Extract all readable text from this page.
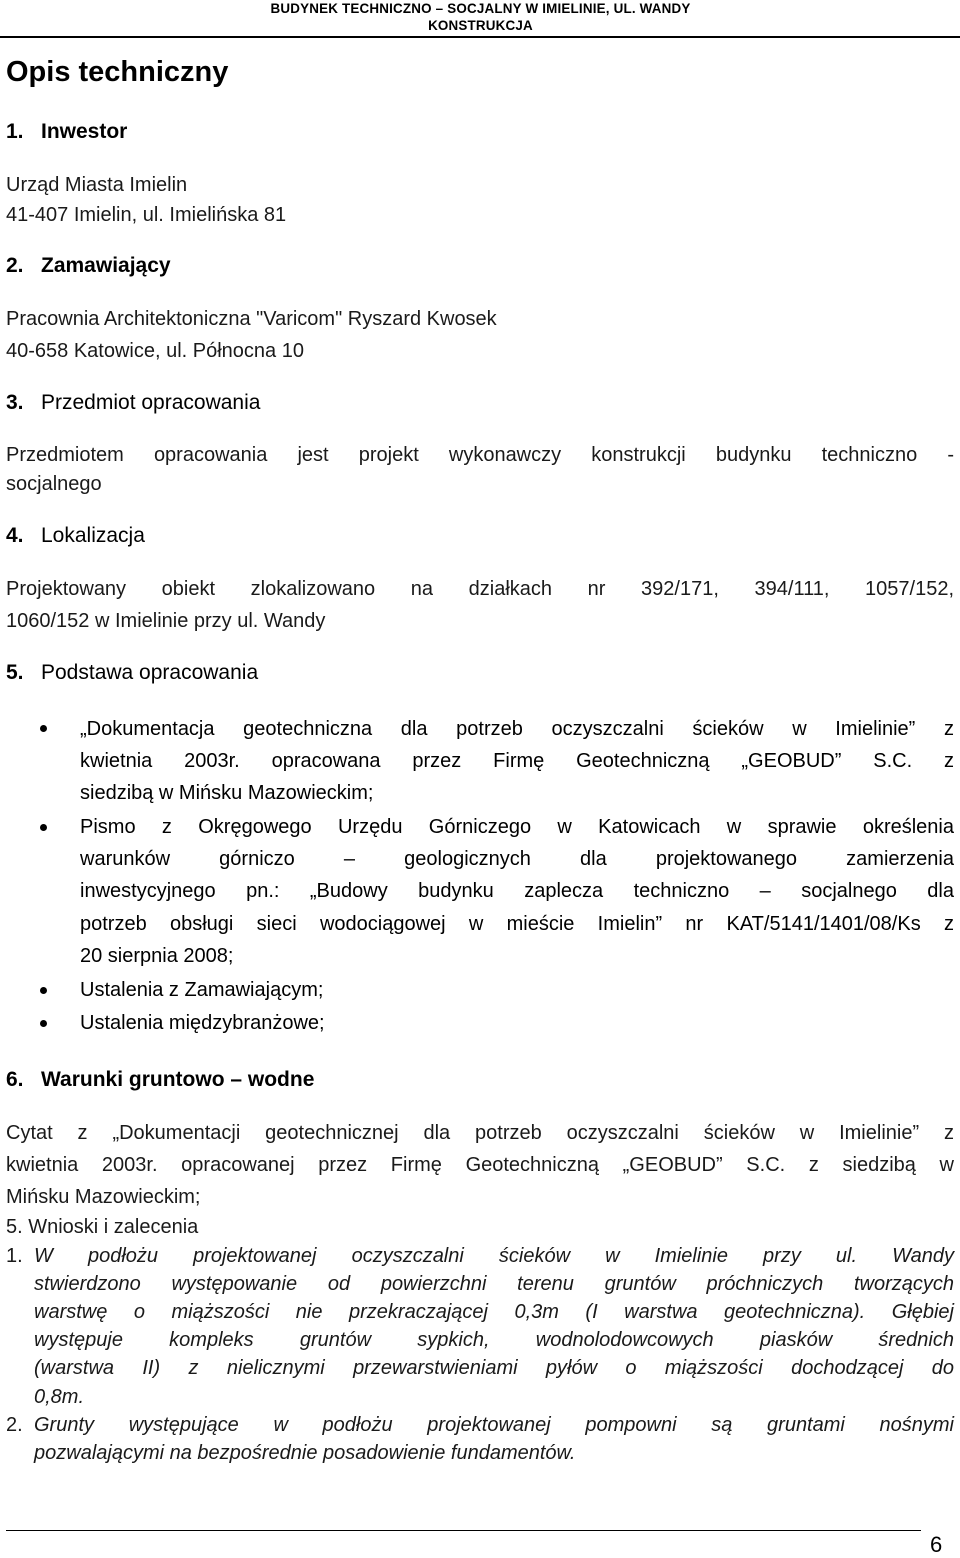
BUDYNEK TECHNICZNO – SOCJALNY W IMIELINIE, UL. WANDY
KONSTRUKCJA
Opis techniczny
1. Inwestor
Urząd Miasta Imielin
41-407 Imielin, ul. Imielińska 81
2. Zamawiający
Pracownia Architektoniczna "Varicom" Ryszard Kwosek
40-658 Katowice, ul. Północna 10
3. Przedmiot opracowania
Przedmiotem opracowania jest projekt wykonawczy konstrukcji budynku techniczno -
socjalnego
4. Lokalizacja
Projektowany obiekt zlokalizowano na działkach nr 392/171, 394/111, 1057/152,
1060/152 w Imielinie przy ul. Wandy
5. Podstawa opracowania
„Dokumentacja geotechniczna dla potrzeb oczyszczalni ścieków w Imielinie” z
kwietnia 2003r. opracowana przez Firmę Geotechniczną „GEOBUD” S.C. z
siedzibą w Mińsku Mazowieckim;
Pismo z Okręgowego Urzędu Górniczego w Katowicach w sprawie określenia
warunków górniczo – geologicznych dla projektowanego zamierzenia
inwestycyjnego pn.: „Budowy budynku zaplecza techniczno – socjalnego dla
potrzeb obsługi sieci wodociągowej w mieście Imielin” nr KAT/5141/1401/08/Ks z
20 sierpnia 2008;
Ustalenia z Zamawiającym;
Ustalenia międzybranżowe;
6. Warunki gruntowo – wodne
Cytat z „Dokumentacji geotechnicznej dla potrzeb oczyszczalni ścieków w Imielinie” z
kwietnia 2003r. opracowanej przez Firmę Geotechniczną „GEOBUD” S.C. z siedzibą w
Mińsku Mazowieckim;
5. Wnioski i zalecenia
1. W podłożu projektowanej oczyszczalni ścieków w Imielinie przy ul. Wandy
stwierdzono występowanie od powierzchni terenu gruntów próchniczych tworzących
warstwę o miąższości nie przekraczającej 0,3m (I warstwa geotechniczna). Głębiej
występuje kompleks gruntów sypkich, wodnolodowcowych piasków średnich
(warstwa II) z nielicznymi przewarstwieniami pyłów o miąższości dochodzącej do
0,8m.
2. Grunty występujące w podłożu projektowanej pompowni są gruntami nośnymi
pozwalającymi na bezpośrednie posadowienie fundamentów.
6
